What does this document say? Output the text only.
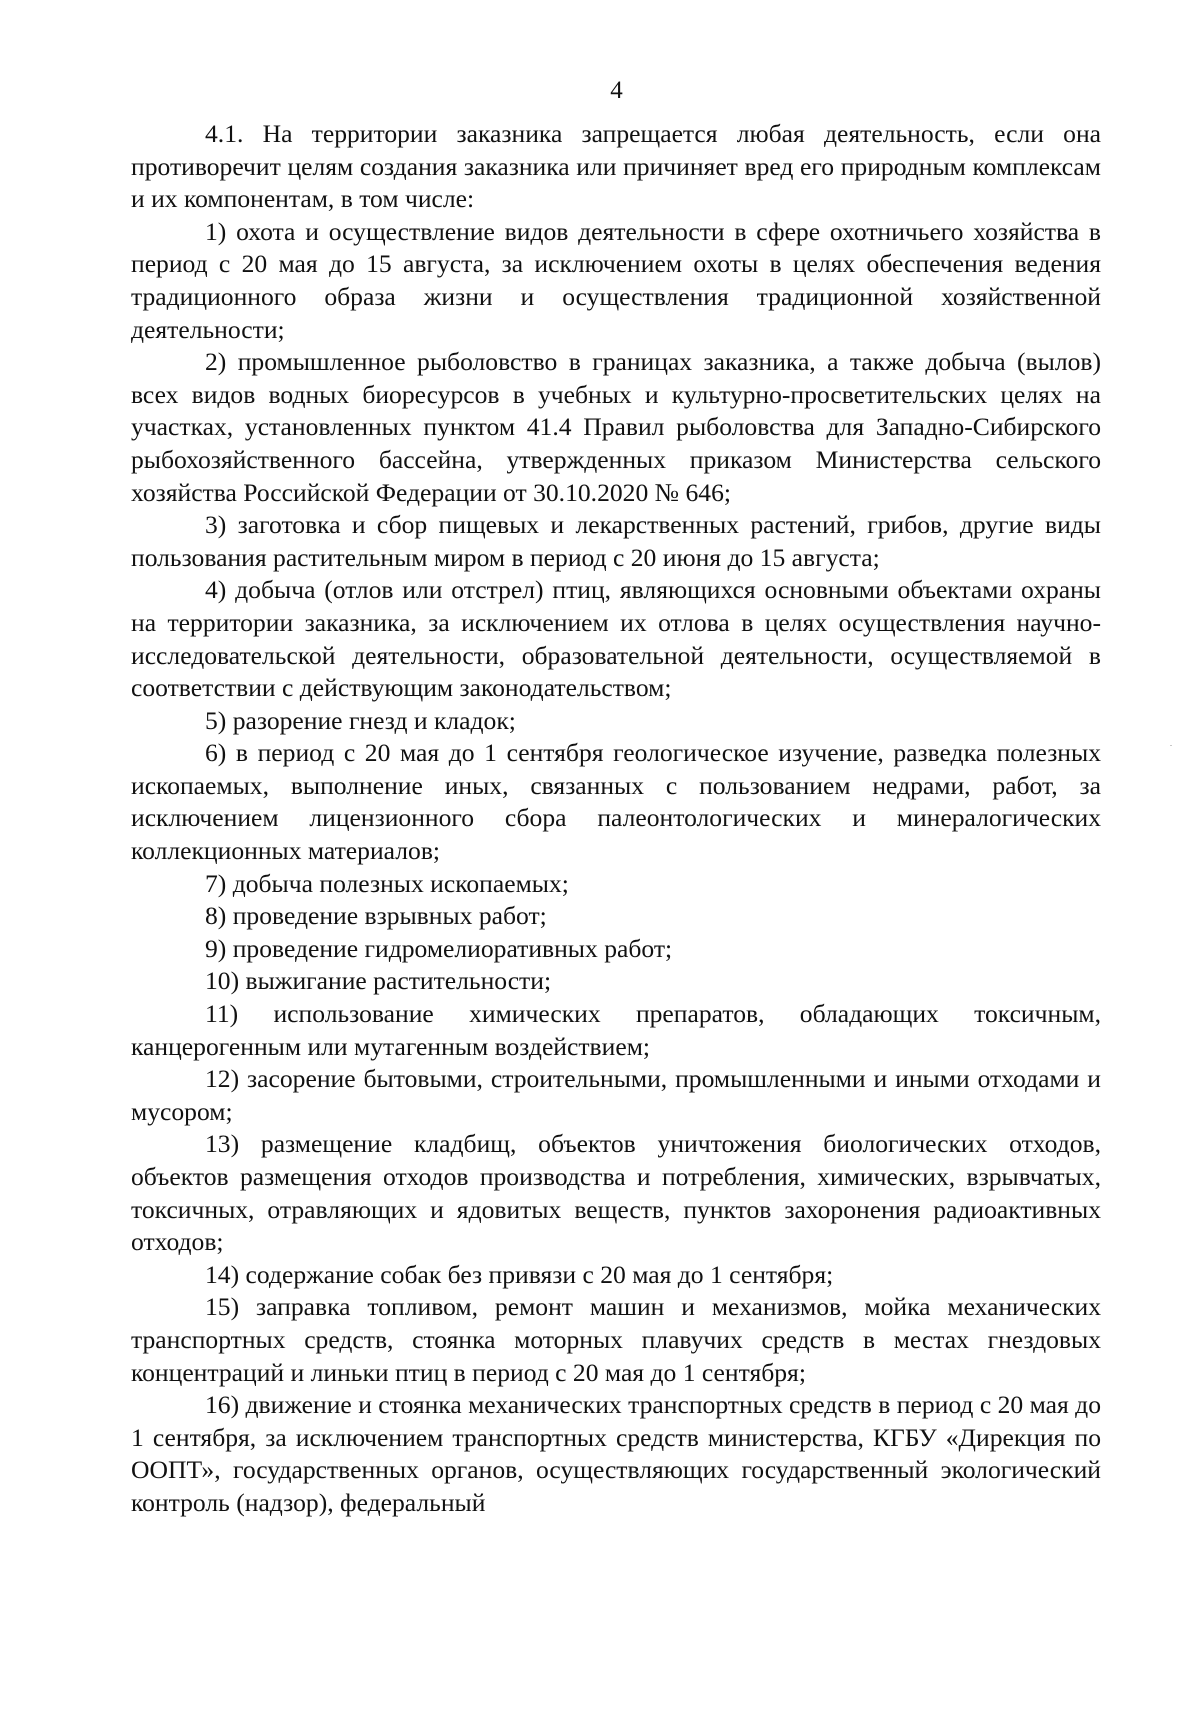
4

4.1. На территории заказника запрещается любая деятельность, если она противоречит целям создания заказника или причиняет вред его природным комплексам и их компонентам, в том числе:

1) охота и осуществление видов деятельности в сфере охотничьего хозяйства в период с 20 мая до 15 августа, за исключением охоты в целях обеспечения ведения традиционного образа жизни и осуществления традиционной хозяйственной деятельности;

2) промышленное рыболовство в границах заказника, а также добыча (вылов) всех видов водных биоресурсов в учебных и культурно-просветительских целях на участках, установленных пунктом 41.4 Правил рыболовства для Западно-Сибирского рыбохозяйственного бассейна, утвержденных приказом Министерства сельского хозяйства Российской Федерации от 30.10.2020 № 646;

3) заготовка и сбор пищевых и лекарственных растений, грибов, другие виды пользования растительным миром в период с 20 июня до 15 августа;

4) добыча (отлов или отстрел) птиц, являющихся основными объектами охраны на территории заказника, за исключением их отлова в целях осуществления научно-исследовательской деятельности, образовательной деятельности, осуществляемой в соответствии с действующим законодательством;

5) разорение гнезд и кладок;

6) в период с 20 мая до 1 сентября геологическое изучение, разведка полезных ископаемых, выполнение иных, связанных с пользованием недрами, работ, за исключением лицензионного сбора палеонтологических и минералогических коллекционных материалов;

7) добыча полезных ископаемых;

8) проведение взрывных работ;

9) проведение гидромелиоративных работ;

10) выжигание растительности;

11) использование химических препаратов, обладающих токсичным, канцерогенным или мутагенным воздействием;

12) засорение бытовыми, строительными, промышленными и иными отходами и мусором;

13) размещение кладбищ, объектов уничтожения биологических отходов, объектов размещения отходов производства и потребления, химических, взрывчатых, токсичных, отравляющих и ядовитых веществ, пунктов захоронения радиоактивных отходов;

14) содержание собак без привязи с 20 мая до 1 сентября;

15) заправка топливом, ремонт машин и механизмов, мойка механических транспортных средств, стоянка моторных плавучих средств в местах гнездовых концентраций и линьки птиц в период с 20 мая до 1 сентября;

16) движение и стоянка механических транспортных средств в период с 20 мая до 1 сентября, за исключением транспортных средств министерства, КГБУ «Дирекция по ООПТ», государственных органов, осуществляющих государственный экологический контроль (надзор), федеральный
